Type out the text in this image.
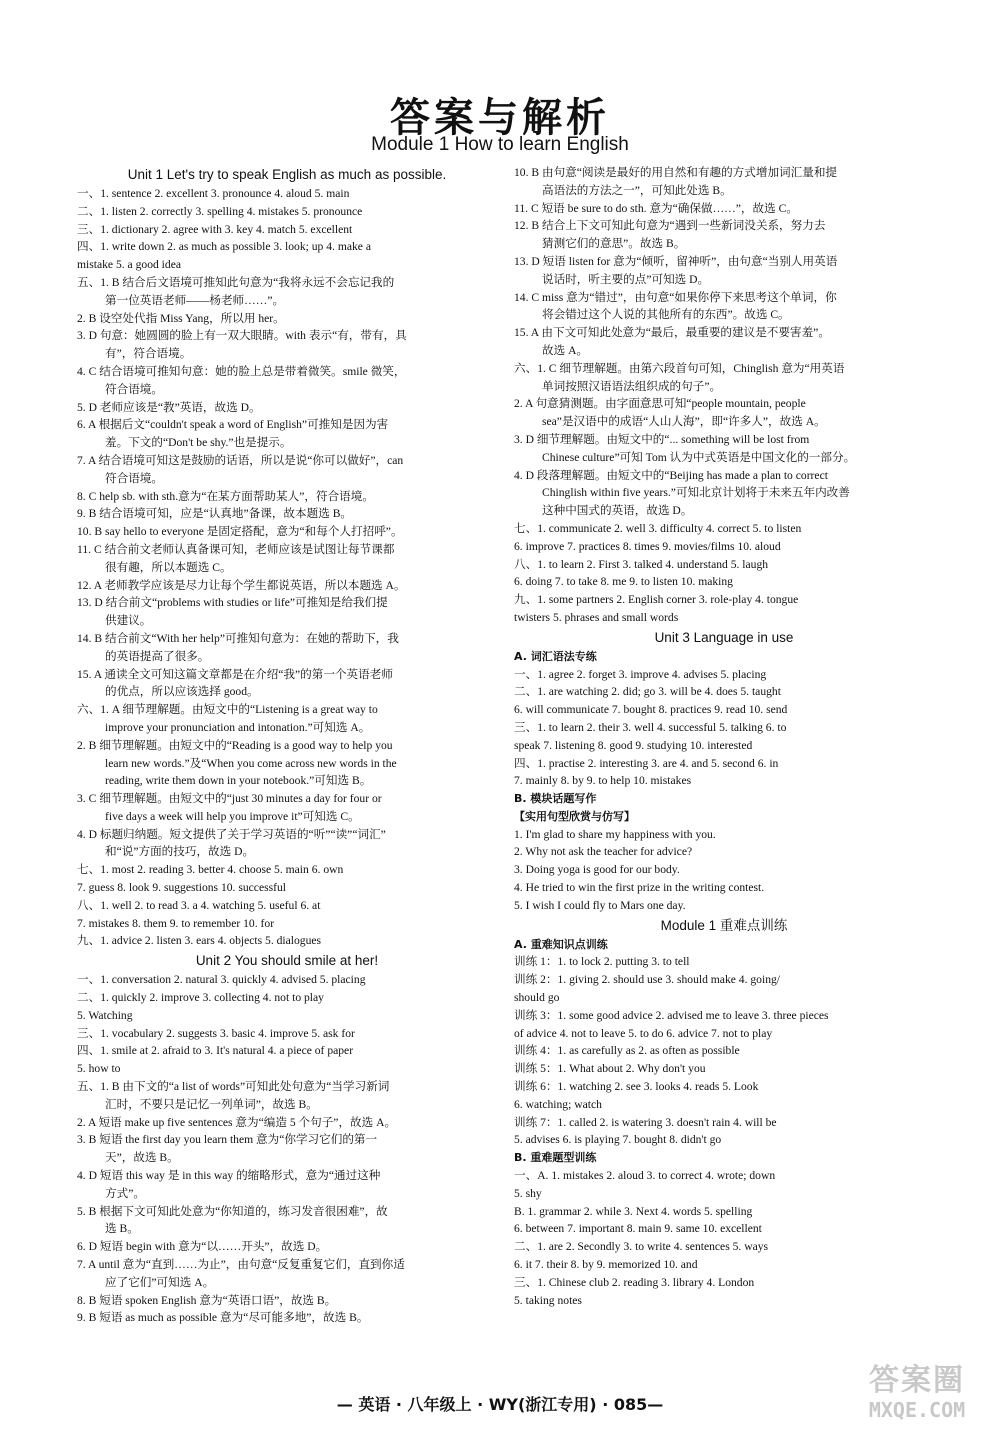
答案与解析
Module 1 How to learn English
Unit 1 Let's try to speak English as much as possible.
一、1. sentence 2. excellent 3. pronounce 4. aloud 5. main
二、1. listen 2. correctly 3. spelling 4. mistakes 5. pronounce
三、1. dictionary 2. agree with 3. key 4. match 5. excellent
四、1. write down 2. as much as possible 3. look; up 4. make a
mistake 5. a good idea
五、1. B 结合后文语境可推知此句意为“我将永远不会忘记我的
第一位英语老师——杨老师……”。
2. B 设空处代指 Miss Yang，所以用 her。
3. D 句意：她圆圆的脸上有一双大眼睛。with 表示“有，带有，具
有”，符合语境。
4. C 结合语境可推知句意：她的脸上总是带着微笑。smile 微笑，
符合语境。
5. D 老师应该是“教”英语，故选 D。
6. A 根据后文“couldn't speak a word of English”可推知是因为害
羞。下文的“Don't be shy.”也是提示。
7. A 结合语境可知这是鼓励的话语，所以是说“你可以做好”，can
符合语境。
8. C help sb. with sth.意为“在某方面帮助某人”，符合语境。
9. B 结合语境可知，应是“认真地”备课，故本题选 B。
10. B say hello to everyone 是固定搭配，意为“和每个人打招呼”。
11. C 结合前文老师认真备课可知，老师应该是试图让每节课都
很有趣，所以本题选 C。
12. A 老师教学应该是尽力让每个学生都说英语，所以本题选 A。
13. D 结合前文“problems with studies or life”可推知是给我们提
供建议。
14. B 结合前文“With her help”可推知句意为：在她的帮助下，我
的英语提高了很多。
15. A 通读全文可知这篇文章都是在介绍“我”的第一个英语老师
的优点，所以应该选择 good。
六、1. A 细节理解题。由短文中的“Listening is a great way to
improve your pronunciation and intonation.”可知选 A。
2. B 细节理解题。由短文中的“Reading is a good way to help you
learn new words.”及“When you come across new words in the
reading, write them down in your notebook.”可知选 B。
3. C 细节理解题。由短文中的“just 30 minutes a day for four or
five days a week will help you improve it”可知选 C。
4. D 标题归纳题。短文提供了关于学习英语的“听”“读”“词汇”
和“说”方面的技巧，故选 D。
七、1. most 2. reading 3. better 4. choose 5. main 6. own
7. guess 8. look 9. suggestions 10. successful
八、1. well 2. to read 3. a 4. watching 5. useful 6. at
7. mistakes 8. them 9. to remember 10. for
九、1. advice 2. listen 3. ears 4. objects 5. dialogues
Unit 2 You should smile at her!
一、1. conversation 2. natural 3. quickly 4. advised 5. placing
二、1. quickly 2. improve 3. collecting 4. not to play
5. Watching
三、1. vocabulary 2. suggests 3. basic 4. improve 5. ask for
四、1. smile at 2. afraid to 3. It's natural 4. a piece of paper
5. how to
五、1. B 由下文的“a list of words”可知此处句意为“当学习新词
汇时，不要只是记忆一列单词”，故选 B。
2. A 短语 make up five sentences 意为“编造 5 个句子”，故选 A。
3. B 短语 the first day you learn them 意为“你学习它们的第一
天”，故选 B。
4. D 短语 this way 是 in this way 的缩略形式，意为“通过这种
方式”。
5. B 根据下文可知此处意为“你知道的，练习发音很困难”，故
选 B。
6. D 短语 begin with 意为“以……开头”，故选 D。
7. A until 意为“直到……为止”，由句意“反复重复它们，直到你适
应了它们”可知选 A。
8. B 短语 spoken English 意为“英语口语”，故选 B。
9. B 短语 as much as possible 意为“尽可能多地”，故选 B。
10. B 由句意“阅读是最好的用自然和有趣的方式增加词汇量和提
高语法的方法之一”，可知此处选 B。
11. C 短语 be sure to do sth. 意为“确保做……”，故选 C。
12. B 结合上下文可知此句意为“遇到一些新词没关系，努力去
猜测它们的意思”。故选 B。
13. D 短语 listen for 意为“倾听，留神听”，由句意“当别人用英语
说话时，听主要的点”可知选 D。
14. C miss 意为“错过”，由句意“如果你停下来思考这个单词，你
将会错过这个人说的其他所有的东西”。故选 C。
15. A 由下文可知此处意为“最后，最重要的建议是不要害羞”。
故选 A。
六、1. C 细节理解题。由第六段首句可知，Chinglish 意为“用英语
单词按照汉语语法组织成的句子”。
2. A 句意猜测题。由字面意思可知“people mountain, people
sea”是汉语中的成语“人山人海”，即“许多人”，故选 A。
3. D 细节理解题。由短文中的“... something will be lost from
Chinese culture”可知 Tom 认为中式英语是中国文化的一部分。
4. D 段落理解题。由短文中的“Beijing has made a plan to correct
Chinglish within five years.”可知北京计划将于未来五年内改善
这种中国式的英语，故选 D。
七、1. communicate 2. well 3. difficulty 4. correct 5. to listen
6. improve 7. practices 8. times 9. movies/films 10. aloud
八、1. to learn 2. First 3. talked 4. understand 5. laugh
6. doing 7. to take 8. me 9. to listen 10. making
九、1. some partners 2. English corner 3. role-play 4. tongue
twisters 5. phrases and small words
Unit 3 Language in use
A. 词汇语法专练
一、1. agree 2. forget 3. improve 4. advises 5. placing
二、1. are watching 2. did; go 3. will be 4. does 5. taught
6. will communicate 7. bought 8. practices 9. read 10. send
三、1. to learn 2. their 3. well 4. successful 5. talking 6. to
speak 7. listening 8. good 9. studying 10. interested
四、1. practise 2. interesting 3. are 4. and 5. second 6. in
7. mainly 8. by 9. to help 10. mistakes
B. 模块话题写作
【实用句型欣赏与仿写】
1. I'm glad to share my happiness with you.
2. Why not ask the teacher for advice?
3. Doing yoga is good for our body.
4. He tried to win the first prize in the writing contest.
5. I wish I could fly to Mars one day.
Module 1 重难点训练
A. 重难知识点训练
训练 1：1. to lock 2. putting 3. to tell
训练 2：1. giving 2. should use 3. should make 4. going/
should go
训练 3：1. some good advice 2. advised me to leave 3. three pieces
of advice 4. not to leave 5. to do 6. advice 7. not to play
训练 4：1. as carefully as 2. as often as possible
训练 5：1. What about 2. Why don't you
训练 6：1. watching 2. see 3. looks 4. reads 5. Look
6. watching; watch
训练 7：1. called 2. is watering 3. doesn't rain 4. will be
5. advises 6. is playing 7. bought 8. didn't go
B. 重难题型训练
一、A. 1. mistakes 2. aloud 3. to correct 4. wrote; down
5. shy
B. 1. grammar 2. while 3. Next 4. words 5. spelling
6. between 7. important 8. main 9. same 10. excellent
二、1. are 2. Secondly 3. to write 4. sentences 5. ways
6. it 7. their 8. by 9. memorized 10. and
三、1. Chinese club 2. reading 3. library 4. London
5. taking notes
— 英语 · 八年级上 · WY(浙江专用) · 085—
答案圈
MXQE.COM
